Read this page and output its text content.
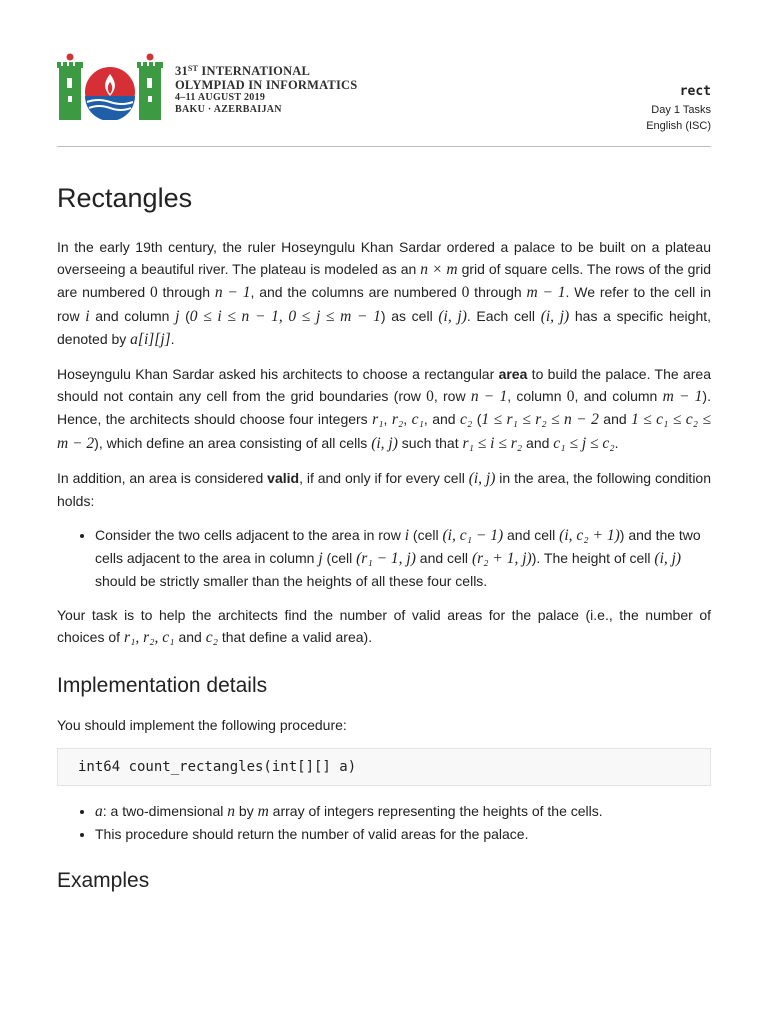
31ST INTERNATIONAL
OLYMPIAD IN INFORMATICS
4–11 AUGUST 2019
BAKU · AZERBAIJAN
rect
Day 1 Tasks
English (ISC)
Rectangles

In the early 19th century, the ruler Hoseyngulu Khan Sardar ordered a palace to be built on a plateau overseeing a beautiful river. The plateau is modeled as an n × m grid of square cells. The rows of the grid are numbered 0 through n − 1, and the columns are numbered 0 through m − 1. We refer to the cell in row i and column j (0 ≤ i ≤ n − 1, 0 ≤ j ≤ m − 1) as cell (i, j). Each cell (i, j) has a specific height, denoted by a[i][j].

Hoseyngulu Khan Sardar asked his architects to choose a rectangular area to build the palace. The area should not contain any cell from the grid boundaries (row 0, row n − 1, column 0, and column m − 1). Hence, the architects should choose four integers r₁, r₂, c₁, and c₂ (1 ≤ r₁ ≤ r₂ ≤ n − 2 and 1 ≤ c₁ ≤ c₂ ≤ m − 2), which define an area consisting of all cells (i, j) such that r₁ ≤ i ≤ r₂ and c₁ ≤ j ≤ c₂.

In addition, an area is considered valid, if and only if for every cell (i, j) in the area, the following condition holds:

• Consider the two cells adjacent to the area in row i (cell (i, c₁ − 1) and cell (i, c₂ + 1)) and the two cells adjacent to the area in column j (cell (r₁ − 1, j) and cell (r₂ + 1, j)). The height of cell (i, j) should be strictly smaller than the heights of all these four cells.

Your task is to help the architects find the number of valid areas for the palace (i.e., the number of choices of r₁, r₂, c₁ and c₂ that define a valid area).

Implementation details

You should implement the following procedure:

int64 count_rectangles(int[][] a)
• a: a two-dimensional n by m array of integers representing the heights of the cells.
• This procedure should return the number of valid areas for the palace.
Examples
